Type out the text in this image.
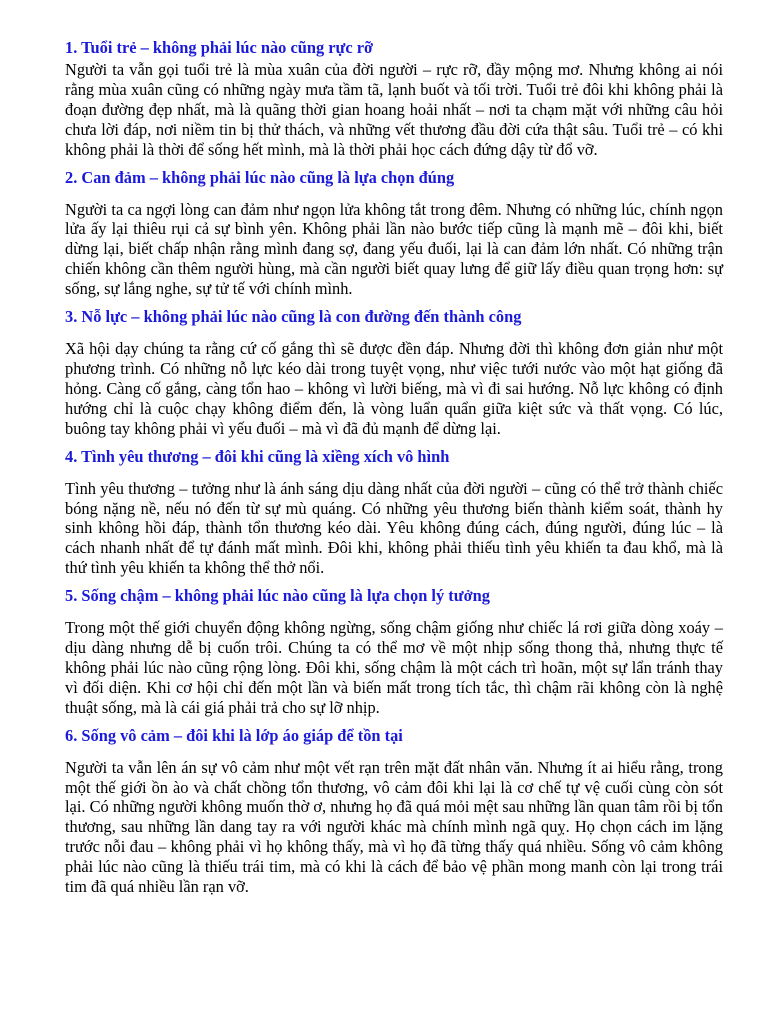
1. Tuổi trẻ – không phải lúc nào cũng rực rỡ

Người ta vẫn gọi tuổi trẻ là mùa xuân của đời người – rực rỡ, đầy mộng mơ. Nhưng không ai nói rằng mùa xuân cũng có những ngày mưa tầm tã, lạnh buốt và tối trời. Tuổi trẻ đôi khi không phải là đoạn đường đẹp nhất, mà là quãng thời gian hoang hoải nhất – nơi ta chạm mặt với những câu hỏi chưa lời đáp, nơi niềm tin bị thử thách, và những vết thương đầu đời cứa thật sâu. Tuổi trẻ – có khi không phải là thời để sống hết mình, mà là thời phải học cách đứng dậy từ đổ vỡ.

2. Can đảm – không phải lúc nào cũng là lựa chọn đúng

Người ta ca ngợi lòng can đảm như ngọn lửa không tắt trong đêm. Nhưng có những lúc, chính ngọn lửa ấy lại thiêu rụi cả sự bình yên. Không phải lần nào bước tiếp cũng là mạnh mẽ – đôi khi, biết dừng lại, biết chấp nhận rằng mình đang sợ, đang yếu đuối, lại là can đảm lớn nhất. Có những trận chiến không cần thêm người hùng, mà cần người biết quay lưng để giữ lấy điều quan trọng hơn: sự sống, sự lắng nghe, sự tử tế với chính mình.

3. Nỗ lực – không phải lúc nào cũng là con đường đến thành công

Xã hội dạy chúng ta rằng cứ cố gắng thì sẽ được đền đáp. Nhưng đời thì không đơn giản như một phương trình. Có những nỗ lực kéo dài trong tuyệt vọng, như việc tưới nước vào một hạt giống đã hỏng. Càng cố gắng, càng tổn hao – không vì lười biếng, mà vì đi sai hướng. Nỗ lực không có định hướng chỉ là cuộc chạy không điểm đến, là vòng luẩn quẩn giữa kiệt sức và thất vọng. Có lúc, buông tay không phải vì yếu đuối – mà vì đã đủ mạnh để dừng lại.

4. Tình yêu thương – đôi khi cũng là xiềng xích vô hình

Tình yêu thương – tưởng như là ánh sáng dịu dàng nhất của đời người – cũng có thể trở thành chiếc bóng nặng nề, nếu nó đến từ sự mù quáng. Có những yêu thương biến thành kiểm soát, thành hy sinh không hồi đáp, thành tổn thương kéo dài. Yêu không đúng cách, đúng người, đúng lúc – là cách nhanh nhất để tự đánh mất mình. Đôi khi, không phải thiếu tình yêu khiến ta đau khổ, mà là thứ tình yêu khiến ta không thể thở nổi.

5. Sống chậm – không phải lúc nào cũng là lựa chọn lý tưởng

Trong một thế giới chuyển động không ngừng, sống chậm giống như chiếc lá rơi giữa dòng xoáy – dịu dàng nhưng dễ bị cuốn trôi. Chúng ta có thể mơ về một nhịp sống thong thả, nhưng thực tế không phải lúc nào cũng rộng lòng. Đôi khi, sống chậm là một cách trì hoãn, một sự lẩn tránh thay vì đối diện. Khi cơ hội chỉ đến một lần và biến mất trong tích tắc, thì chậm rãi không còn là nghệ thuật sống, mà là cái giá phải trả cho sự lỡ nhịp.

6. Sống vô cảm – đôi khi là lớp áo giáp để tồn tại

Người ta vẫn lên án sự vô cảm như một vết rạn trên mặt đất nhân văn. Nhưng ít ai hiểu rằng, trong một thế giới ồn ào và chất chồng tổn thương, vô cảm đôi khi lại là cơ chế tự vệ cuối cùng còn sót lại. Có những người không muốn thờ ơ, nhưng họ đã quá mỏi mệt sau những lần quan tâm rồi bị tổn thương, sau những lần dang tay ra với người khác mà chính mình ngã quỵ. Họ chọn cách im lặng trước nỗi đau – không phải vì họ không thấy, mà vì họ đã từng thấy quá nhiều. Sống vô cảm không phải lúc nào cũng là thiếu trái tim, mà có khi là cách để bảo vệ phần mong manh còn lại trong trái tim đã quá nhiều lần rạn vỡ.
